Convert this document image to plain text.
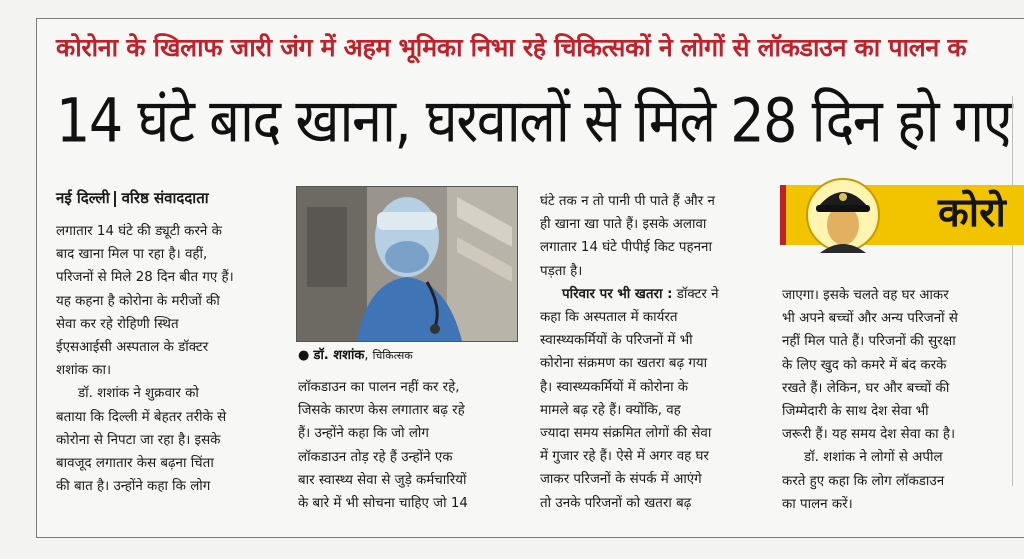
कोरोना के खिलाफ जारी जंग में अहम भूमिका निभा रहे चिकित्सकों ने लोगों से लॉकडाउन का पालन क
14 घंटे बाद खाना, घरवालों से मिले 28 दिन हो गए

नई दिल्ली वरिष्ठ संवाददाता

लगातार 14 घंटे की ड्यूटी करने के

बाद खाना मिल पा रहा है। वहीं,

परिजनों से मिले 28 दिन बीत गए हैं।

यह कहना है कोरोना के मरीजों की

सेवा कर रहे रोहिणी स्थित

ईएसआईसी अस्पताल के डॉक्टर

शशांक का।

डॉ. शशांक ने शुक्रवार को

बताया कि दिल्ली में बेहतर तरीके से

कोरोना से निपटा जा रहा है। इसके

बावजूद लगातार केस बढ़ना चिंता

की बात है। उन्होंने कहा कि लोग

● डॉ. शशांक, चिकित्सक

लॉकडाउन का पालन नहीं कर रहे,

जिसके कारण केस लगातार बढ़ रहे

हैं। उन्होंने कहा कि जो लोग

लॉकडाउन तोड़ रहे हैं उन्होंने एक

बार स्वास्थ्य सेवा से जुड़े कर्मचारियों

के बारे में भी सोचना चाहिए जो 14

घंटे तक न तो पानी पी पाते हैं और न

ही खाना खा पाते हैं। इसके अलावा

लगातार 14 घंटे पीपीई किट पहनना

पड़ता है।

परिवार पर भी खतरा : डॉक्टर ने

कहा कि अस्पताल में कार्यरत

स्वास्थ्यकर्मियों के परिजनों में भी

कोरोना संक्रमण का खतरा बढ़ गया

है। स्वास्थ्यकर्मियों में कोरोना के

मामले बढ़ रहे हैं। क्योंकि, वह

ज्यादा समय संक्रमित लोगों की सेवा

में गुजार रहे हैं। ऐसे में अगर वह घर

जाकर परिजनों के संपर्क में आएंगे

तो उनके परिजनों को खतरा बढ़

कोरो

जाएगा। इसके चलते वह घर आकर

भी अपने बच्चों और अन्य परिजनों से

नहीं मिल पाते हैं। परिजनों की सुरक्षा

के लिए खुद को कमरे में बंद करके

रखते हैं। लेकिन, घर और बच्चों की

जिम्मेदारी के साथ देश सेवा भी

जरूरी हैं। यह समय देश सेवा का है।

डॉ. शशांक ने लोगों से अपील

करते हुए कहा कि लोग लॉकडाउन

का पालन करें।
